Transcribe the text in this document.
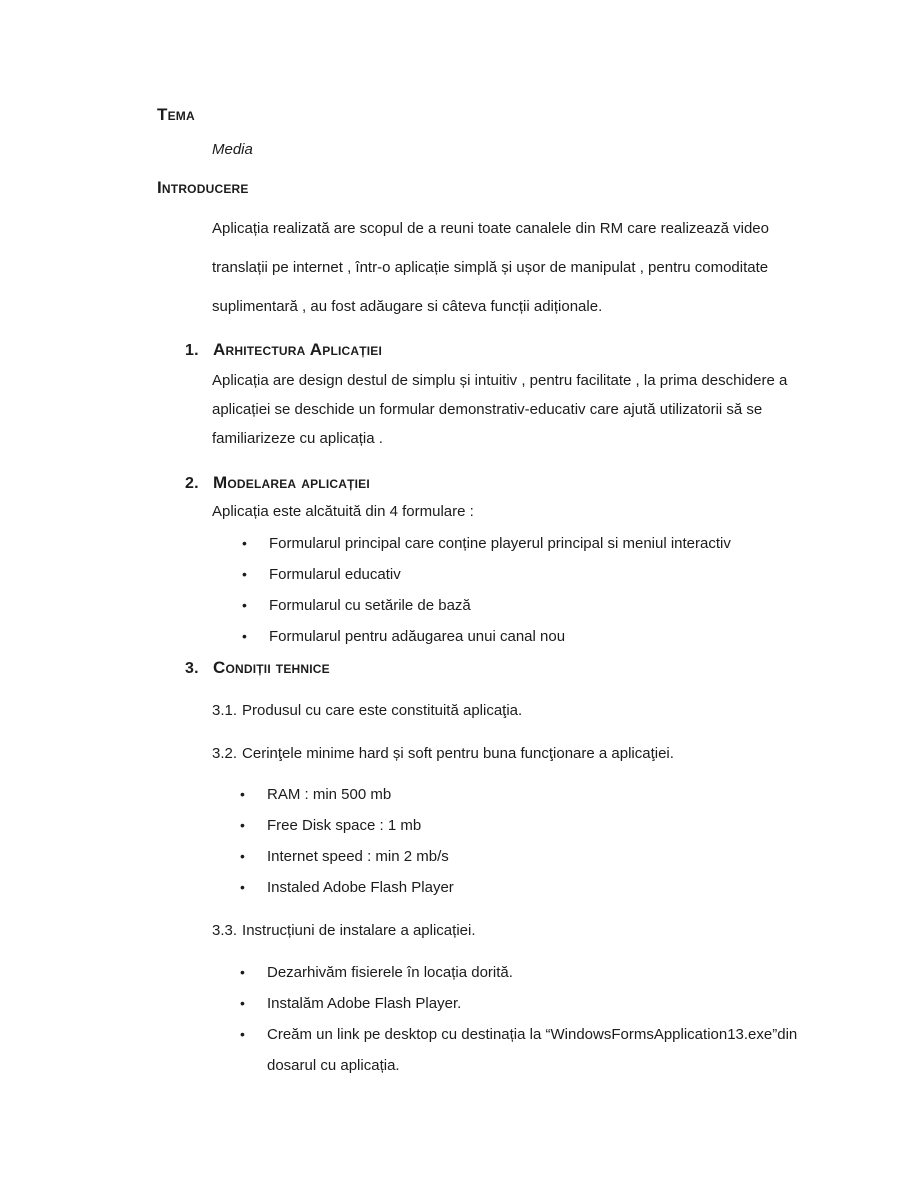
Tema
Media
Introducere
Aplicația realizată are scopul de a reuni toate canalele din RM care realizează video translații pe internet , într-o aplicație simplă și ușor de manipulat , pentru comoditate suplimentară , au fost adăugare si câteva funcții adiționale.
1. Arhitectura Aplicației
Aplicația are design destul de simplu și intuitiv , pentru facilitate , la prima deschidere a aplicației se deschide un formular demonstrativ-educativ care ajută utilizatorii să se familiarizeze cu aplicația .
2. Modelarea aplicației
Aplicația este alcătuită din 4 formulare :
•	Formularul principal care conține playerul principal si meniul interactiv
•	Formularul educativ
•	Formularul cu setările de bază
•	Formularul pentru adăugarea unui canal nou
3. Condiții tehnice
3.1. Produsul cu care este constituită aplicaţia.
3.2. Cerinţele minime hard și soft pentru buna funcţionare a aplicaţiei.
•	RAM : min 500 mb
•	Free Disk space : 1 mb
•	Internet speed : min 2 mb/s
•	Instaled Adobe Flash Player
3.3. Instrucțiuni de instalare a aplicației.
•	Dezarhivăm fisierele în locația dorită.
•	Instalăm Adobe Flash Player.
•	Creăm un link pe desktop cu destinația la “WindowsFormsApplication13.exe”din dosarul cu aplicația.
